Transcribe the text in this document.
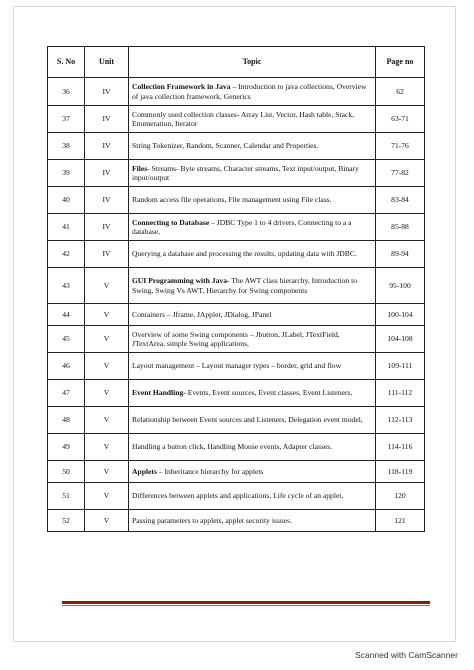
S. No	Unit	Topic	Page no
36	IV	Collection Framework in Java – Introduction to java collections, Overview of java collection framework, Generics	62
37	IV	Commonly used collection classes- Array List, Vector, Hash table, Stack, Enumeration, Iterator	63-71
38	IV	String Tokenizer, Random, Scanner, Calendar and Properties.	71-76
39	IV	Files- Streams- Byte streams, Character streams, Text input/output, Binary input/output	77-82
40	IV	Random access file operations, File management using File class.	83-84
41	IV	Connecting to Database – JDBC Type 1 to 4 drivers, Connecting to a a database,	85-88
42	IV	Querying a database and processing the results, updating data with JDBC.	89-94
43	V	GUI Programming with Java- The AWT class hierarchy, Introduction to Swing, Swing Vs AWT, Hierarchy for Swing components	95-100
44	V	Containers – Jframe, JApplet, JDialog, JPanel	100-104
45	V	Overview of some Swing components – Jbutton, JLabel, JTextField, JTextArea, simple Swing applications,	104-108
46	V	Layout management – Layout manager types – border, grid and flow	109-111
47	V	Event Handling- Events, Event sources, Event classes, Event Listeners,	111-112
48	V	Relationship between Event sources and Listeners, Delegation event model,	112-113
49	V	Handling a button click, Handling Mouse events, Adapter classes.	114-116
50	V	Applets – Inheritance hierarchy for applets	118-119
51	V	Differences between applets and applications, Life cycle of an applet,	120
52	V	Passing parameters to applets, applet security issues.	121
Scanned with CamScanner
